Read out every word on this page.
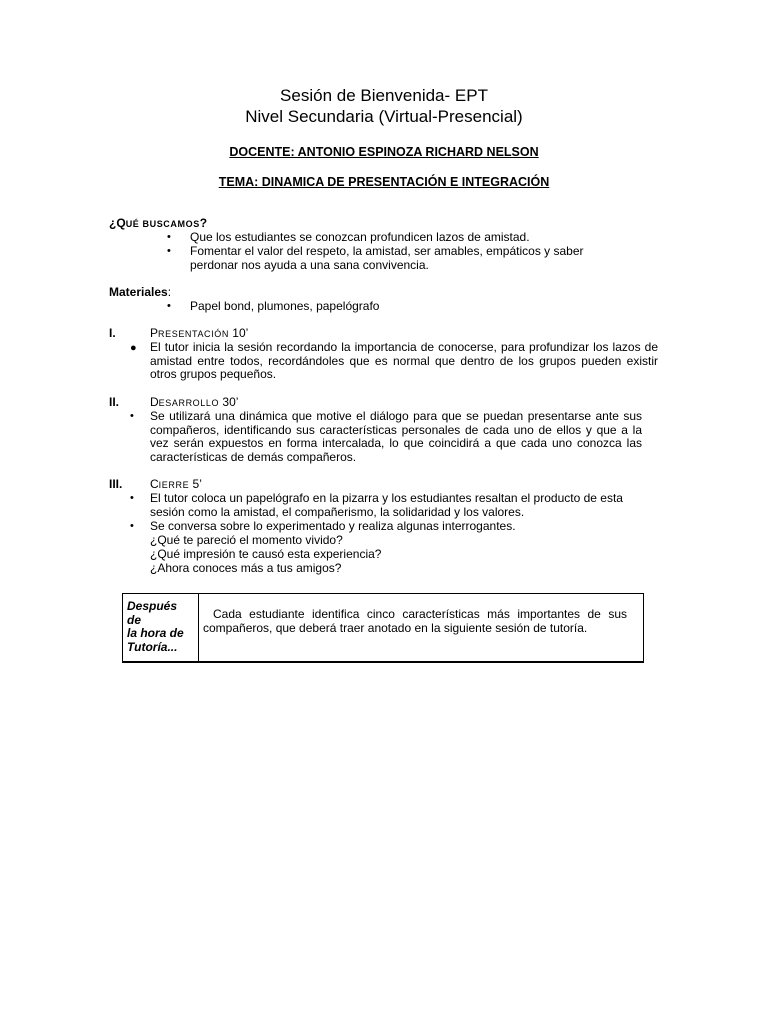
Sesión de Bienvenida- EPT
Nivel Secundaria (Virtual-Presencial)
DOCENTE: ANTONIO ESPINOZA RICHARD NELSON
TEMA: DINAMICA DE PRESENTACIÓN E INTEGRACIÓN
¿QUÉ BUSCAMOS?
• Que los estudiantes se conozcan profundicen lazos de amistad.
• Fomentar el valor del respeto, la amistad, ser amables, empáticos y saber perdonar nos ayuda a una sana convivencia.
Materiales:
• Papel bond, plumones, papelógrafo
I.	PRESENTACIÓN 10’
● El tutor inicia la sesión recordando la importancia de conocerse, para profundizar los lazos de amistad entre todos, recordándoles que es normal que dentro de los grupos pueden existir otros grupos pequeños.
II.	DESARROLLO 30’
• Se utilizará una dinámica que motive el diálogo para que se puedan presentarse ante sus compañeros, identificando sus características personales de cada uno de ellos y que a la vez serán expuestos en forma intercalada, lo que coincidirá a que cada uno conozca las características de demás compañeros.
III. CIERRE 5’
• El tutor coloca un papelógrafo en la pizarra y los estudiantes resaltan el producto de esta sesión como la amistad, el compañerismo, la solidaridad y los valores.
• Se conversa sobre lo experimentado y realiza algunas interrogantes.
¿Qué te pareció el momento vivido?
¿Qué impresión te causó esta experiencia?
¿Ahora conoces más a tus amigos?
Después
de
la hora de
Tutoría...
Cada estudiante identifica cinco características más importantes de sus compañeros, que deberá traer anotado en la siguiente sesión de tutoría.
